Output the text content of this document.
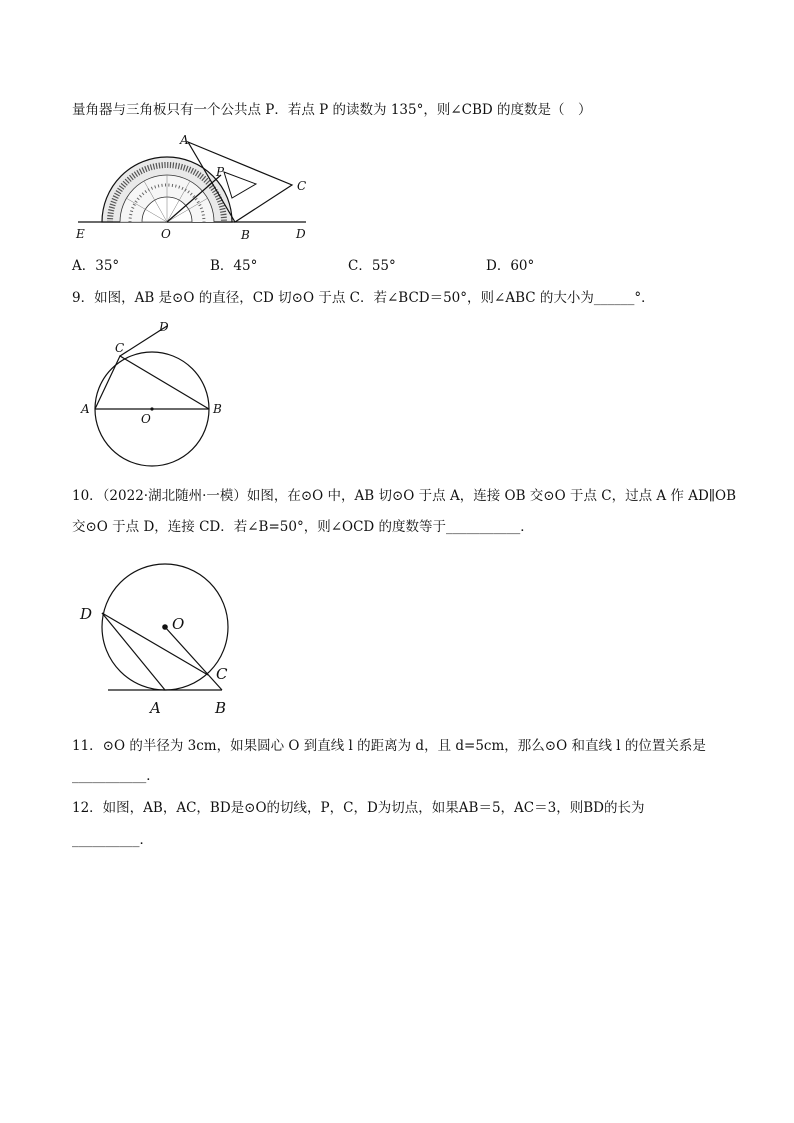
量角器与三角板只有一个公共点 P．若点 P 的读数为 135°，则∠CBD 的度数是（　）
A
P
C
E	O	B	D
A．35°	B．45°	C．55°	D．60°
9．如图，AB 是⊙O 的直径，CD 切⊙O 于点 C．若∠BCD＝50°，则∠ABC 的大小为______°．
D
C
A	B
O
10．（2022·湖北随州·一模）如图，在⊙O 中，AB 切⊙O 于点 A，连接 OB 交⊙O 于点 C，过点 A 作 AD∥OB
交⊙O 于点 D，连接 CD．若∠B=50°，则∠OCD 的度数等于___________．
D
O
C
A	B
11．⊙O 的半径为 3cm，如果圆心 O 到直线 l 的距离为 d，且 d=5cm，那么⊙O 和直线 l 的位置关系是
___________．
12．如图，AB，AC，BD是⊙O的切线，P，C，D为切点，如果AB＝5，AC＝3，则BD的长为
__________．
